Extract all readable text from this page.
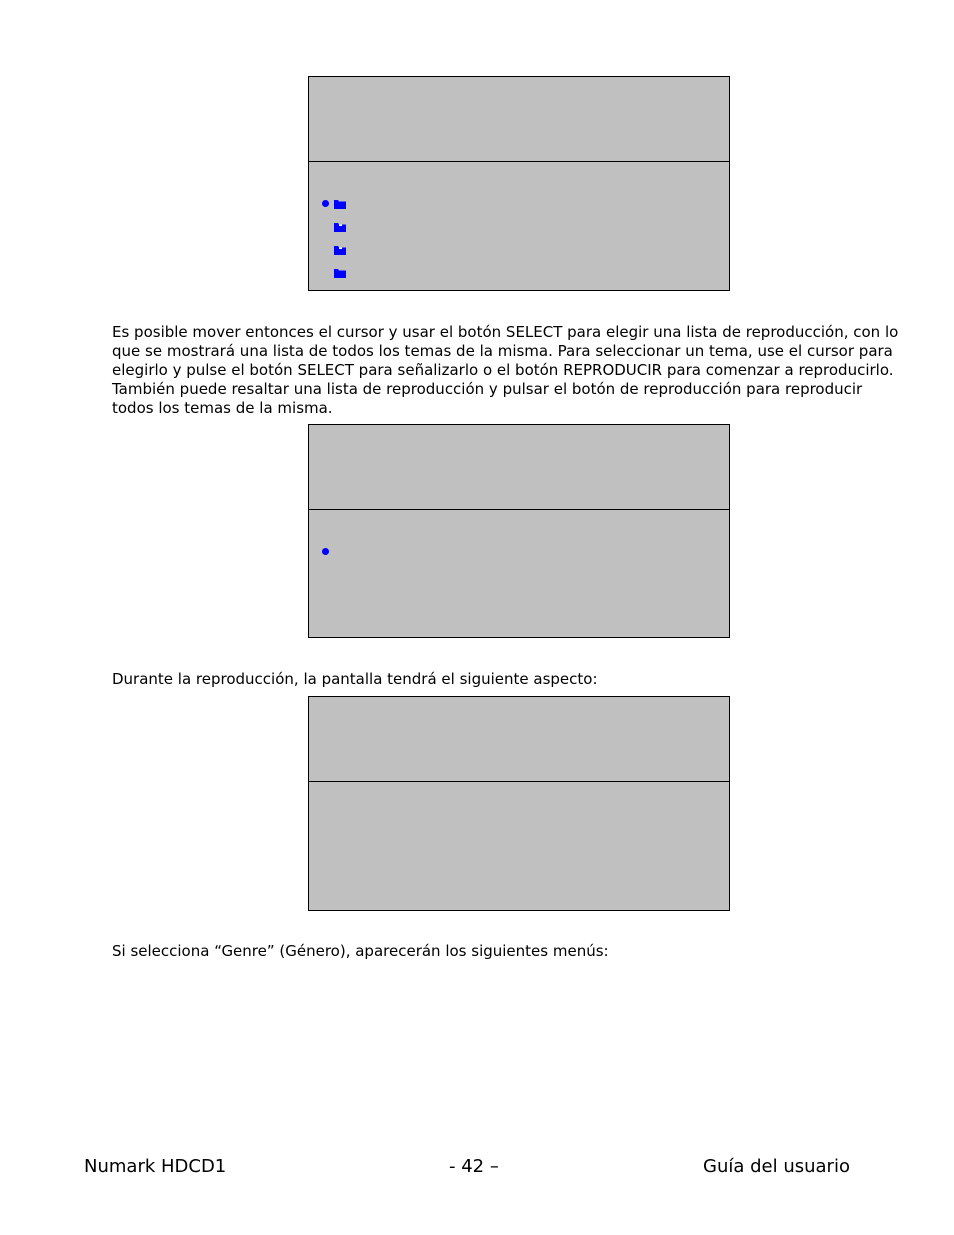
Es posible mover entonces el cursor y usar el botón SELECT para elegir una lista de reproducción, con lo que se mostrará una lista de todos los temas de la misma. Para seleccionar un tema, use el cursor para elegirlo y pulse el botón SELECT para señalizarlo o el botón REPRODUCIR para comenzar a reproducirlo. También puede resaltar una lista de reproducción y pulsar el botón de reproducción para reproducir todos los temas de la misma.

Durante la reproducción, la pantalla tendrá el siguiente aspecto:

Si selecciona “Genre” (Género), aparecerán los siguientes menús:

Numark HDCD1	- 42 –	Guía del usuario
